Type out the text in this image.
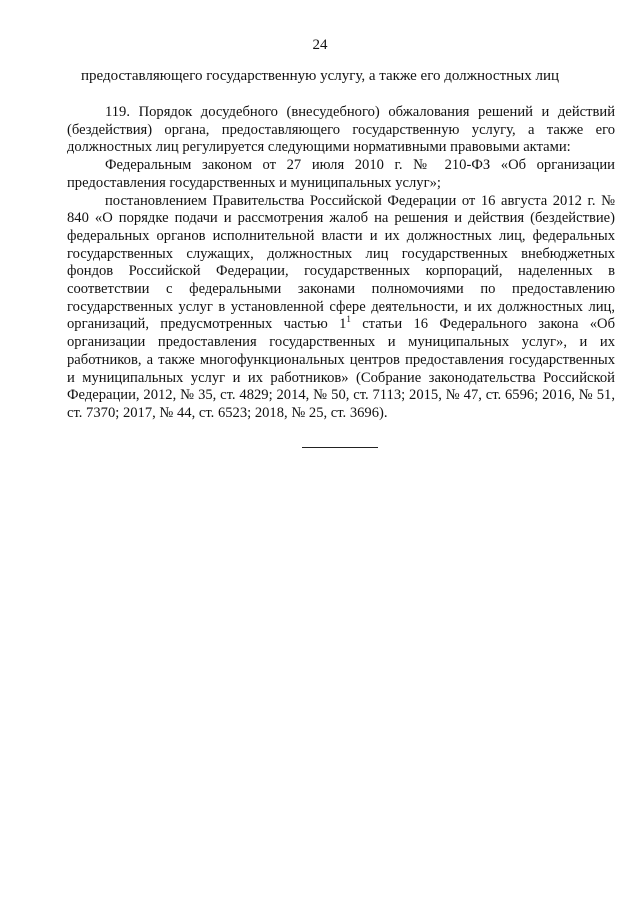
24
предоставляющего государственную услугу, а также его должностных лиц

119. Порядок досудебного (внесудебного) обжалования решений и действий (бездействия) органа, предоставляющего государственную услугу, а также его должностных лиц регулируется следующими нормативными правовыми актами:

Федеральным законом от 27 июля 2010 г. № 210-ФЗ «Об организации предоставления государственных и муниципальных услуг»;

постановлением Правительства Российской Федерации от 16 августа 2012 г. № 840 «О порядке подачи и рассмотрения жалоб на решения и действия (бездействие) федеральных органов исполнительной власти и их должностных лиц, федеральных государственных служащих, должностных лиц государственных внебюджетных фондов Российской Федерации, государственных корпораций, наделенных в соответствии с федеральными законами полномочиями по предоставлению государственных услуг в установленной сфере деятельности, и их должностных лиц, организаций, предусмотренных частью $1^1$ статьи 16 Федерального закона «Об организации предоставления государственных и муниципальных услуг», и их работников, а также многофункциональных центров предоставления государственных и муниципальных услуг и их работников» (Собрание законодательства Российской Федерации, 2012, № 35, ст. 4829; 2014, № 50, ст. 7113; 2015, № 47, ст. 6596; 2016, № 51, ст. 7370; 2017, № 44, ст. 6523; 2018, № 25, ст. 3696).
